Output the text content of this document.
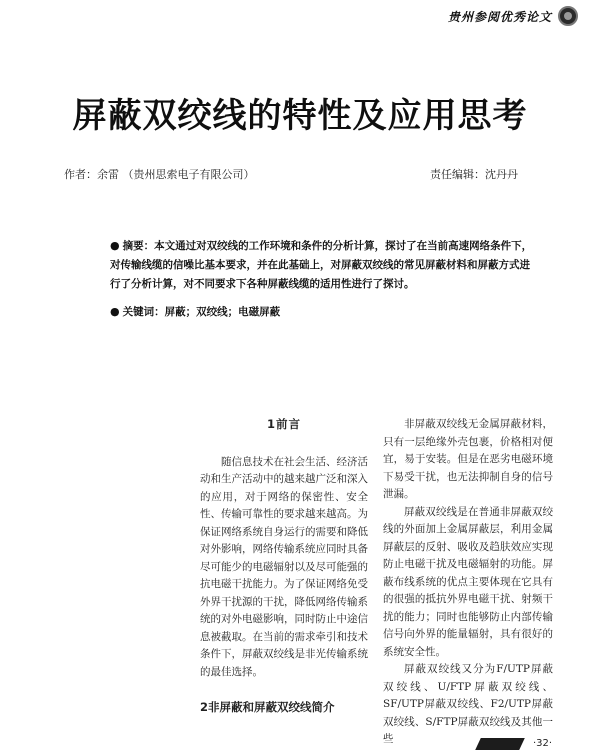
贵州参阅优秀论文
屏蔽双绞线的特性及应用思考
作者：余雷 （贵州思索电子有限公司）	责任编辑：沈丹丹
● 摘要：本文通过对双绞线的工作环境和条件的分析计算，探讨了在当前高速网络条件下，对传输线缆的信噪比基本要求，并在此基础上，对屏蔽双绞线的常见屏蔽材料和屏蔽方式进行了分析计算，对不同要求下各种屏蔽线缆的适用性进行了探讨。
● 关键词：屏蔽；双绞线；电磁屏蔽
1前言

随信息技术在社会生活、经济活动和生产活动中的越来越广泛和深入的应用，对于网络的保密性、安全性、传输可靠性的要求越来越高。为保证网络系统自身运行的需要和降低对外影响，网络传输系统应同时具备尽可能少的电磁辐射以及尽可能强的抗电磁干扰能力。为了保证网络免受外界干扰源的干扰，降低网络传输系统的对外电磁影响，同时防止中途信息被截取。在当前的需求牵引和技术条件下，屏蔽双绞线是非光传输系统的最佳选择。

2非屏蔽和屏蔽双绞线简介

非屏蔽双绞线无金属屏蔽材料，只有一层绝缘外壳包裹，价格相对便宜，易于安装。但是在恶劣电磁环境下易受干扰，也无法抑制自身的信号泄漏。

屏蔽双绞线是在普通非屏蔽双绞线的外面加上金属屏蔽层，利用金属屏蔽层的反射、吸收及趋肤效应实现防止电磁干扰及电磁辐射的功能。屏蔽布线系统的优点主要体现在它具有的很强的抵抗外界电磁干扰、射频干扰的能力；同时也能够防止内部传输信号向外界的能量辐射，具有很好的系统安全性。

屏蔽双绞线又分为F/UTP屏蔽双绞线、U/FTP屏蔽双绞线、SF/UTP屏蔽双绞线、F2/UTP屏蔽双绞线、S/FTP屏蔽双绞线及其他一些	·32·
